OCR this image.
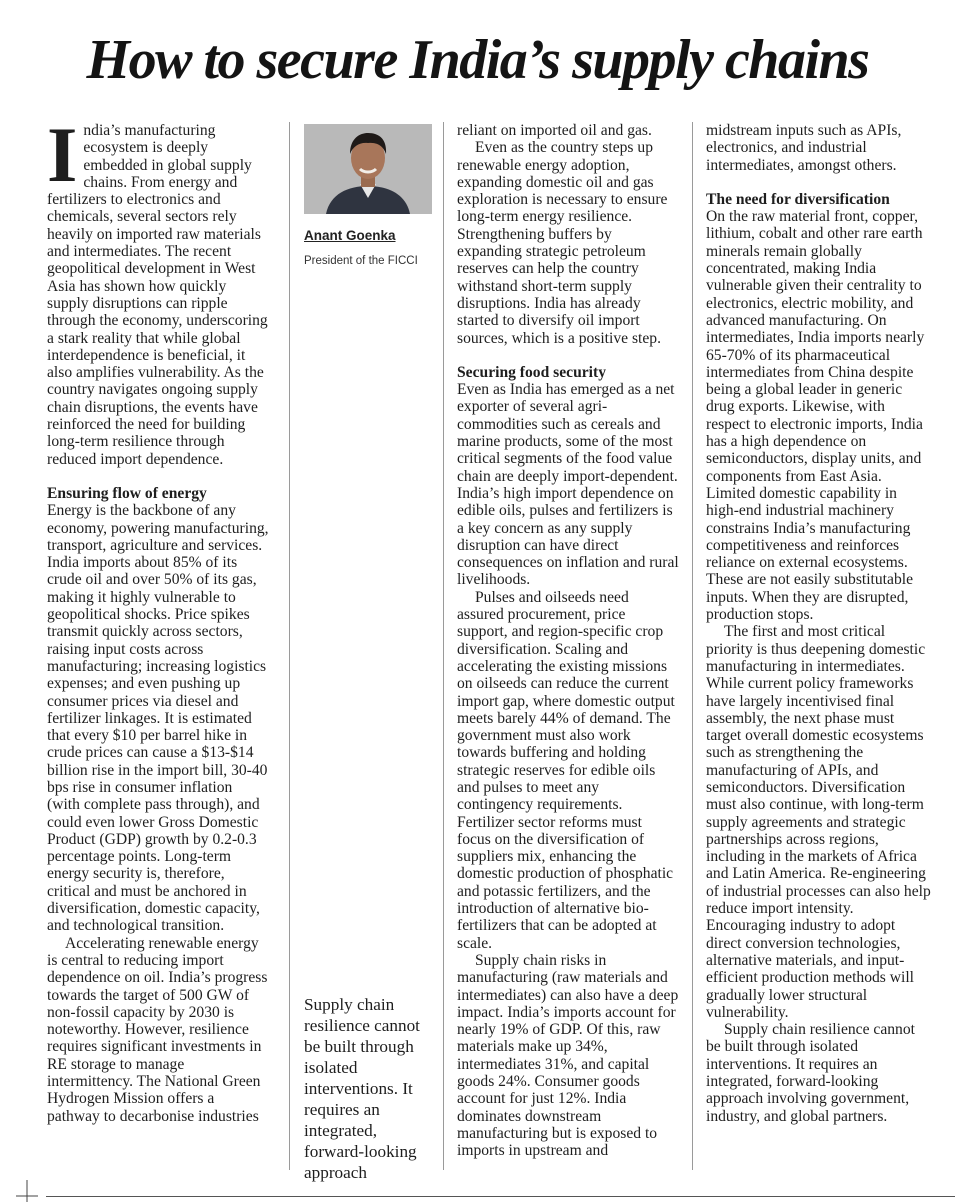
How to secure India’s supply chains

India’s manufacturing ecosystem is deeply embedded in global supply chains. From energy and fertilizers to electronics and chemicals, several sectors rely heavily on imported raw materials and intermediates. The recent geopolitical development in West Asia has shown how quickly supply disruptions can ripple through the economy, underscoring a stark reality that while global interdependence is beneficial, it also amplifies vulnerability. As the country navigates ongoing supply chain disruptions, the events have reinforced the need for building long-term resilience through reduced import dependence.

Ensuring flow of energy

Energy is the backbone of any economy, powering manufacturing, transport, agriculture and services. India imports about 85% of its crude oil and over 50% of its gas, making it highly vulnerable to geopolitical shocks. Price spikes transmit quickly across sectors, raising input costs across manufacturing; increasing logistics expenses; and even pushing up consumer prices via diesel and fertilizer linkages. It is estimated that every $10 per barrel hike in crude prices can cause a $13-$14 billion rise in the import bill, 30-40 bps rise in consumer inflation (with complete pass through), and could even lower Gross Domestic Product (GDP) growth by 0.2-0.3 percentage points. Long-term energy security is, therefore, critical and must be anchored in diversification, domestic capacity, and technological transition.

Accelerating renewable energy is central to reducing import dependence on oil. India’s progress towards the target of 500 GW of non-fossil capacity by 2030 is noteworthy. However, resilience requires significant investments in RE storage to manage intermittency. The National Green Hydrogen Mission offers a pathway to decarbonise industries

Anant Goenka
President of the FICCI
Supply chain resilience cannot be built through isolated interventions. It requires an integrated, forward-looking approach

reliant on imported oil and gas.

Even as the country steps up renewable energy adoption, expanding domestic oil and gas exploration is necessary to ensure long-term energy resilience. Strengthening buffers by expanding strategic petroleum reserves can help the country withstand short-term supply disruptions. India has already started to diversify oil import sources, which is a positive step.

Securing food security

Even as India has emerged as a net exporter of several agri-commodities such as cereals and marine products, some of the most critical segments of the food value chain are deeply import-dependent. India’s high import dependence on edible oils, pulses and fertilizers is a key concern as any supply disruption can have direct consequences on inflation and rural livelihoods.

Pulses and oilseeds need assured procurement, price support, and region-specific crop diversification. Scaling and accelerating the existing missions on oilseeds can reduce the current import gap, where domestic output meets barely 44% of demand. The government must also work towards buffering and holding strategic reserves for edible oils and pulses to meet any contingency requirements. Fertilizer sector reforms must focus on the diversification of suppliers mix, enhancing the domestic production of phosphatic and potassic fertilizers, and the introduction of alternative bio-fertilizers that can be adopted at scale.

Supply chain risks in manufacturing (raw materials and intermediates) can also have a deep impact. India’s imports account for nearly 19% of GDP. Of this, raw materials make up 34%, intermediates 31%, and capital goods 24%. Consumer goods account for just 12%. India dominates downstream manufacturing but is exposed to imports in upstream and

midstream inputs such as APIs, electronics, and industrial intermediates, amongst others.

The need for diversification

On the raw material front, copper, lithium, cobalt and other rare earth minerals remain globally concentrated, making India vulnerable given their centrality to electronics, electric mobility, and advanced manufacturing. On intermediates, India imports nearly 65-70% of its pharmaceutical intermediates from China despite being a global leader in generic drug exports. Likewise, with respect to electronic imports, India has a high dependence on semiconductors, display units, and components from East Asia. Limited domestic capability in high-end industrial machinery constrains India’s manufacturing competitiveness and reinforces reliance on external ecosystems. These are not easily substitutable inputs. When they are disrupted, production stops.

The first and most critical priority is thus deepening domestic manufacturing in intermediates. While current policy frameworks have largely incentivised final assembly, the next phase must target overall domestic ecosystems such as strengthening the manufacturing of APIs, and semiconductors. Diversification must also continue, with long-term supply agreements and strategic partnerships across regions, including in the markets of Africa and Latin America. Re-engineering of industrial processes can also help reduce import intensity. Encouraging industry to adopt direct conversion technologies, alternative materials, and input-efficient production methods will gradually lower structural vulnerability.

Supply chain resilience cannot be built through isolated interventions. It requires an integrated, forward-looking approach involving government, industry, and global partners.
